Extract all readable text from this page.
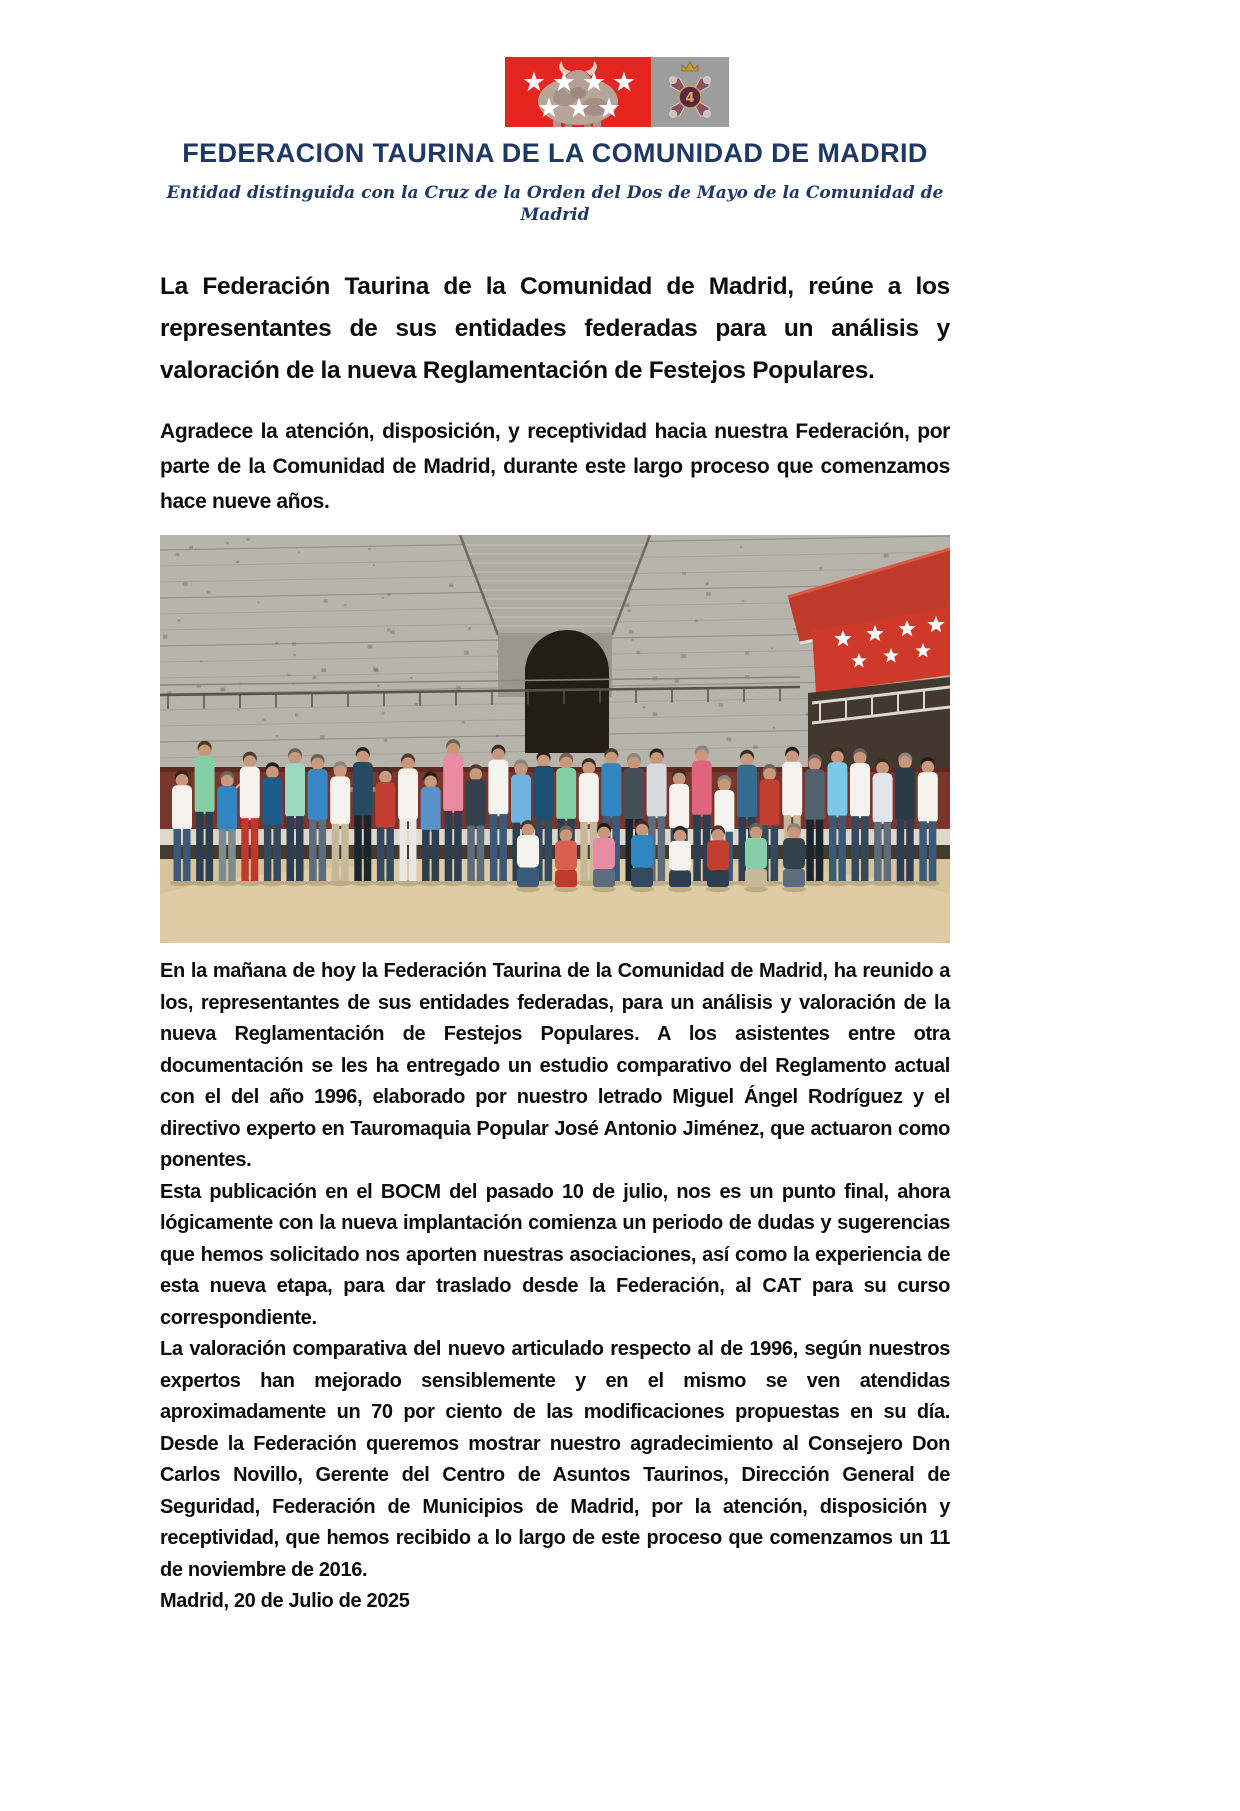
★ ★ ★ ★
★ ★ ★	4
FEDERACION TAURINA DE LA COMUNIDAD DE MADRID
Entidad distinguida con la Cruz de la Orden del Dos de Mayo de la Comunidad de Madrid

La Federación Taurina de la Comunidad de Madrid, reúne a los representantes de sus entidades federadas para un análisis y valoración de la nueva Reglamentación de Festejos Populares.

Agradece la atención, disposición, y receptividad hacia nuestra Federación, por parte de la Comunidad de Madrid, durante este largo proceso que comenzamos hace nueve años.

En la mañana de hoy la Federación Taurina de la Comunidad de Madrid, ha reunido a los, representantes de sus entidades federadas, para un análisis y valoración de la nueva Reglamentación de Festejos Populares. A los asistentes entre otra documentación se les ha entregado un estudio comparativo del Reglamento actual con el del año 1996, elaborado por nuestro letrado Miguel Ángel Rodríguez y el directivo experto en Tauromaquia Popular José Antonio Jiménez, que actuaron como ponentes.

Esta publicación en el BOCM del pasado 10 de julio, nos es un punto final, ahora lógicamente con la nueva implantación comienza un periodo de dudas y sugerencias que hemos solicitado nos aporten nuestras asociaciones, así como la experiencia de esta nueva etapa, para dar traslado desde la Federación, al CAT para su curso correspondiente.

La valoración comparativa del nuevo articulado respecto al de 1996, según nuestros expertos han mejorado sensiblemente y en el mismo se ven atendidas aproximadamente un 70 por ciento de las modificaciones propuestas en su día. Desde la Federación queremos mostrar nuestro agradecimiento al Consejero Don Carlos Novillo, Gerente del Centro de Asuntos Taurinos, Dirección General de Seguridad, Federación de Municipios de Madrid, por la atención, disposición y receptividad, que hemos recibido a lo largo de este proceso que comenzamos un 11 de noviembre de 2016.

Madrid, 20 de Julio de 2025
